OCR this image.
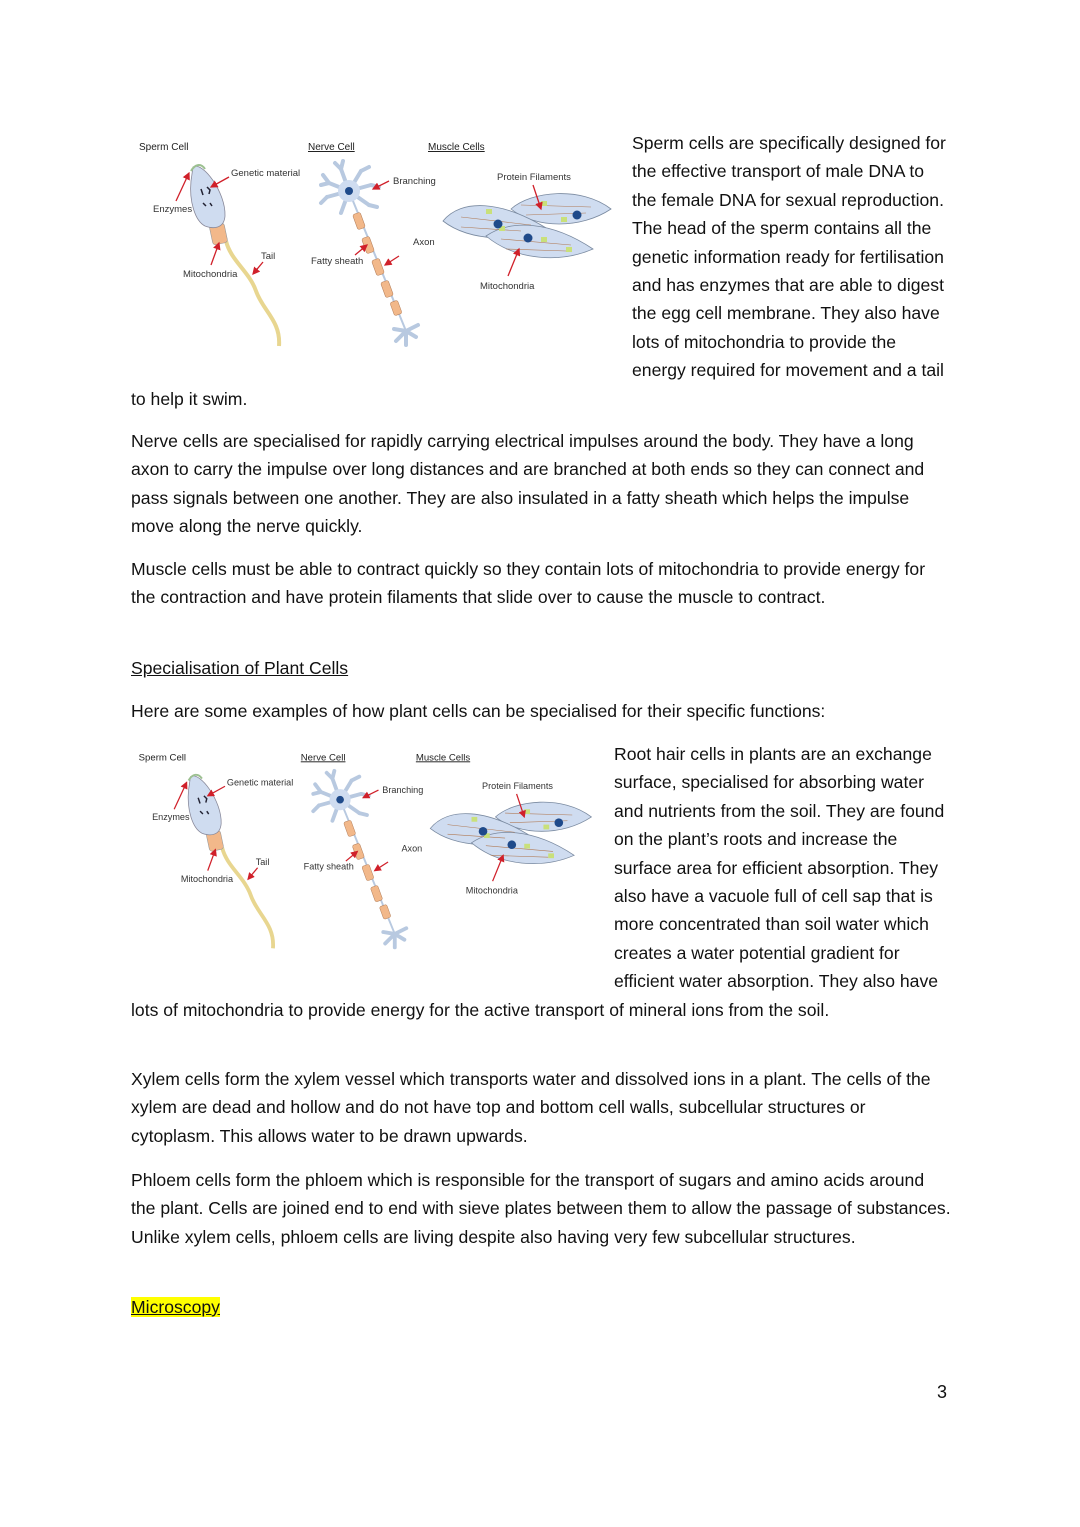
Sperm Cell
Genetic material
Enzymes
Mitochondria
Tail
Nerve Cell
Branching
Axon
Fatty sheath
Muscle Cells
Protein Filaments
Mitochondria
Sperm cells are specifically designed for the effective transport of male DNA to the female DNA for sexual reproduction. The head of the sperm contains all the genetic information ready for fertilisation and has enzymes that are able to digest the egg cell membrane. They also have lots of mitochondria to provide the energy required for movement and a tail to help it swim.

Nerve cells are specialised for rapidly carrying electrical impulses around the body. They have a long axon to carry the impulse over long distances and are branched at both ends so they can connect and pass signals between one another. They are also insulated in a fatty sheath which helps the impulse move along the nerve quickly.

Muscle cells must be able to contract quickly so they contain lots of mitochondria to provide energy for the contraction and have protein filaments that slide over to cause the muscle to contract.

Specialisation of Plant Cells

Here are some examples of how plant cells can be specialised for their specific functions:

Sperm Cell
Genetic material
Enzymes
Mitochondria
Tail
Nerve Cell
Branching
Axon
Fatty sheath
Muscle Cells
Protein Filaments
Mitochondria
Root hair cells in plants are an exchange surface, specialised for absorbing water and nutrients from the soil. They are found on the plant’s roots and increase the surface area for efficient absorption. They also have a vacuole full of cell sap that is more concentrated than soil water which creates a water potential gradient for efficient water absorption. They also have lots of mitochondria to provide energy for the active transport of mineral ions from the soil.

Xylem cells form the xylem vessel which transports water and dissolved ions in a plant. The cells of the xylem are dead and hollow and do not have top and bottom cell walls, subcellular structures or cytoplasm. This allows water to be drawn upwards.

Phloem cells form the phloem which is responsible for the transport of sugars and amino acids around the plant. Cells are joined end to end with sieve plates between them to allow the passage of substances. Unlike xylem cells, phloem cells are living despite also having very few subcellular structures.

Microscopy

3
